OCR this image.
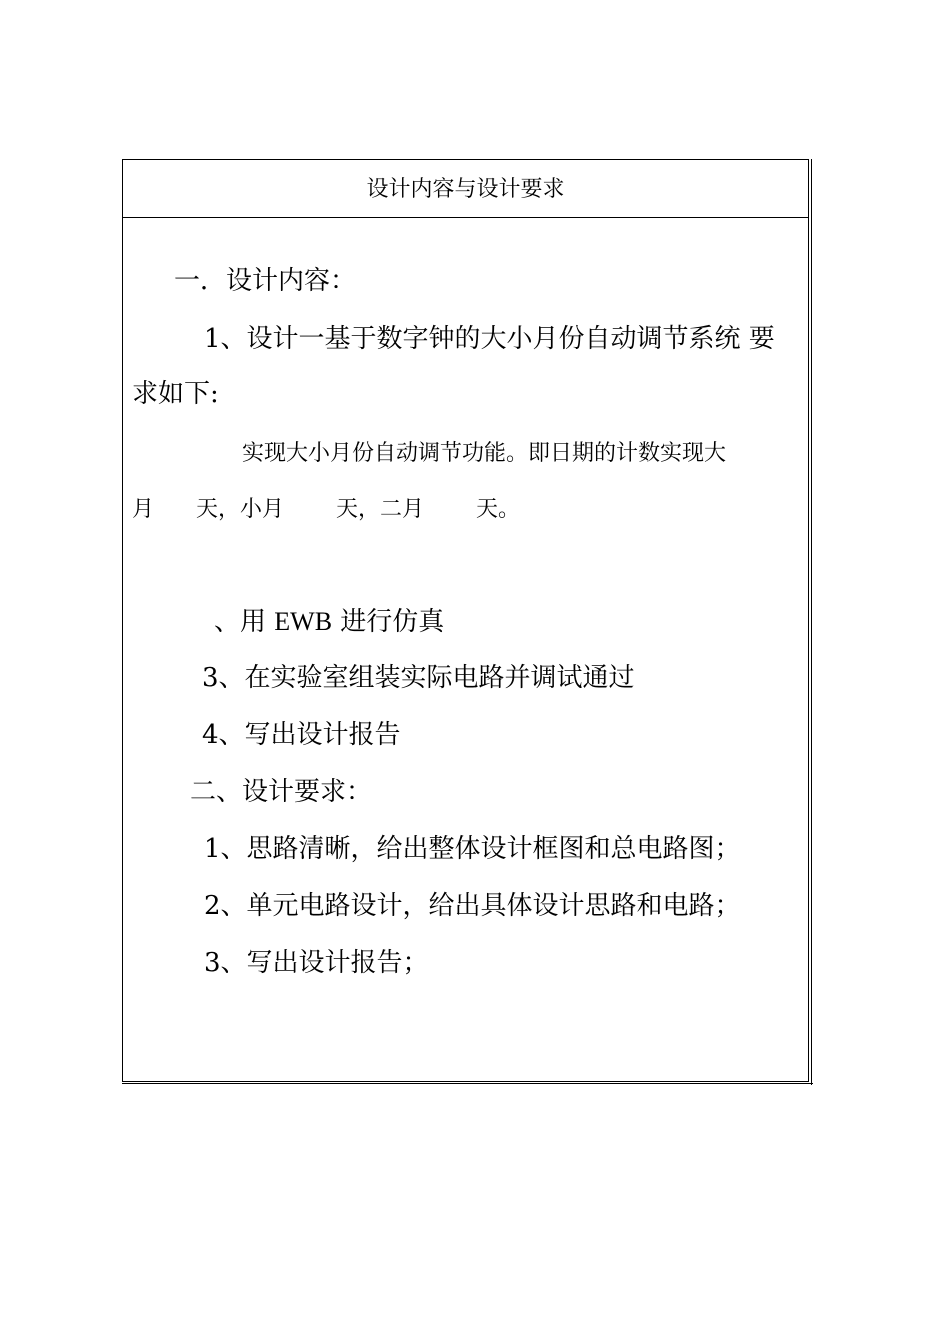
设计内容与设计要求
一．设计内容：
1、设计一基于数字钟的大小月份自动调节系统 要
求如下:
实现大小月份自动调节功能。即日期的计数实现大
月 天，小月 天，二月 天。
、用 EWB 进行仿真
3、在实验室组装实际电路并调试通过
4、写出设计报告
二、设计要求：
1、思路清晰，给出整体设计框图和总电路图；
2、单元电路设计，给出具体设计思路和电路；
3、写出设计报告；
